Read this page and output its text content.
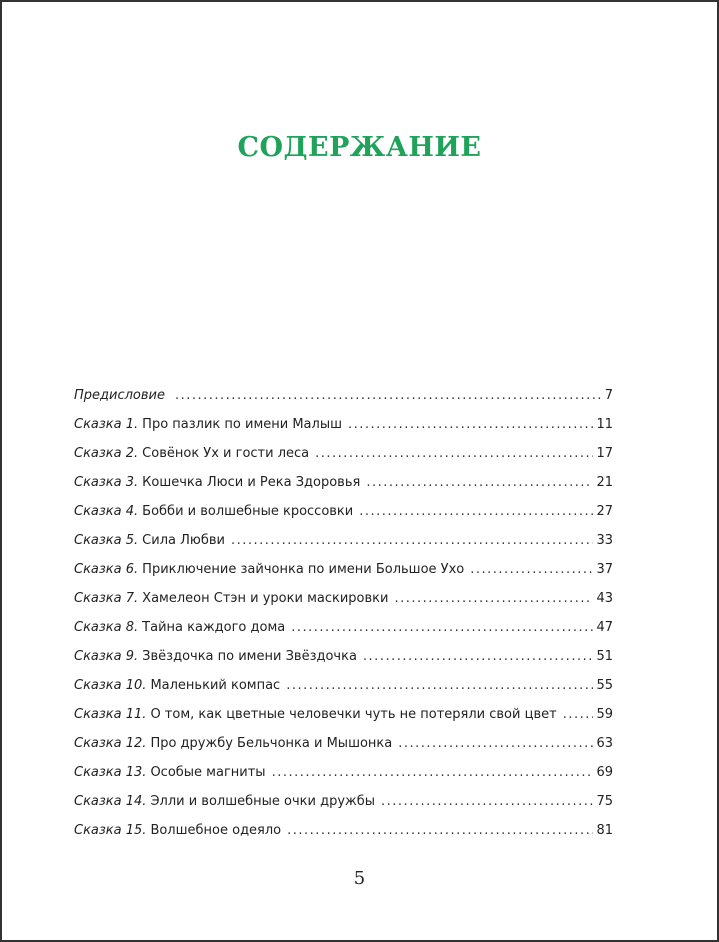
СОДЕРЖАНИЕ
Предисловие .....	7
Сказка 1. Про пазлик по имени Малыш .....	11
Сказка 2. Совёнок Ух и гости леса .....	17
Сказка 3. Кошечка Люси и Река Здоровья .....	21
Сказка 4. Бобби и волшебные кроссовки .....	27
Сказка 5. Сила Любви .....	33
Сказка 6. Приключение зайчонка по имени Большое Ухо .....	37
Сказка 7. Хамелеон Стэн и уроки маскировки .....	43
Сказка 8. Тайна каждого дома .....	47
Сказка 9. Звёздочка по имени Звёздочка .....	51
Сказка 10. Маленький компас .....	55
Сказка 11. О том, как цветные человечки чуть не потеряли свой цвет .....	59
Сказка 12. Про дружбу Бельчонка и Мышонка .....	63
Сказка 13. Особые магниты .....	69
Сказка 14. Элли и волшебные очки дружбы .....	75
Сказка 15. Волшебное одеяло .....	81
5
